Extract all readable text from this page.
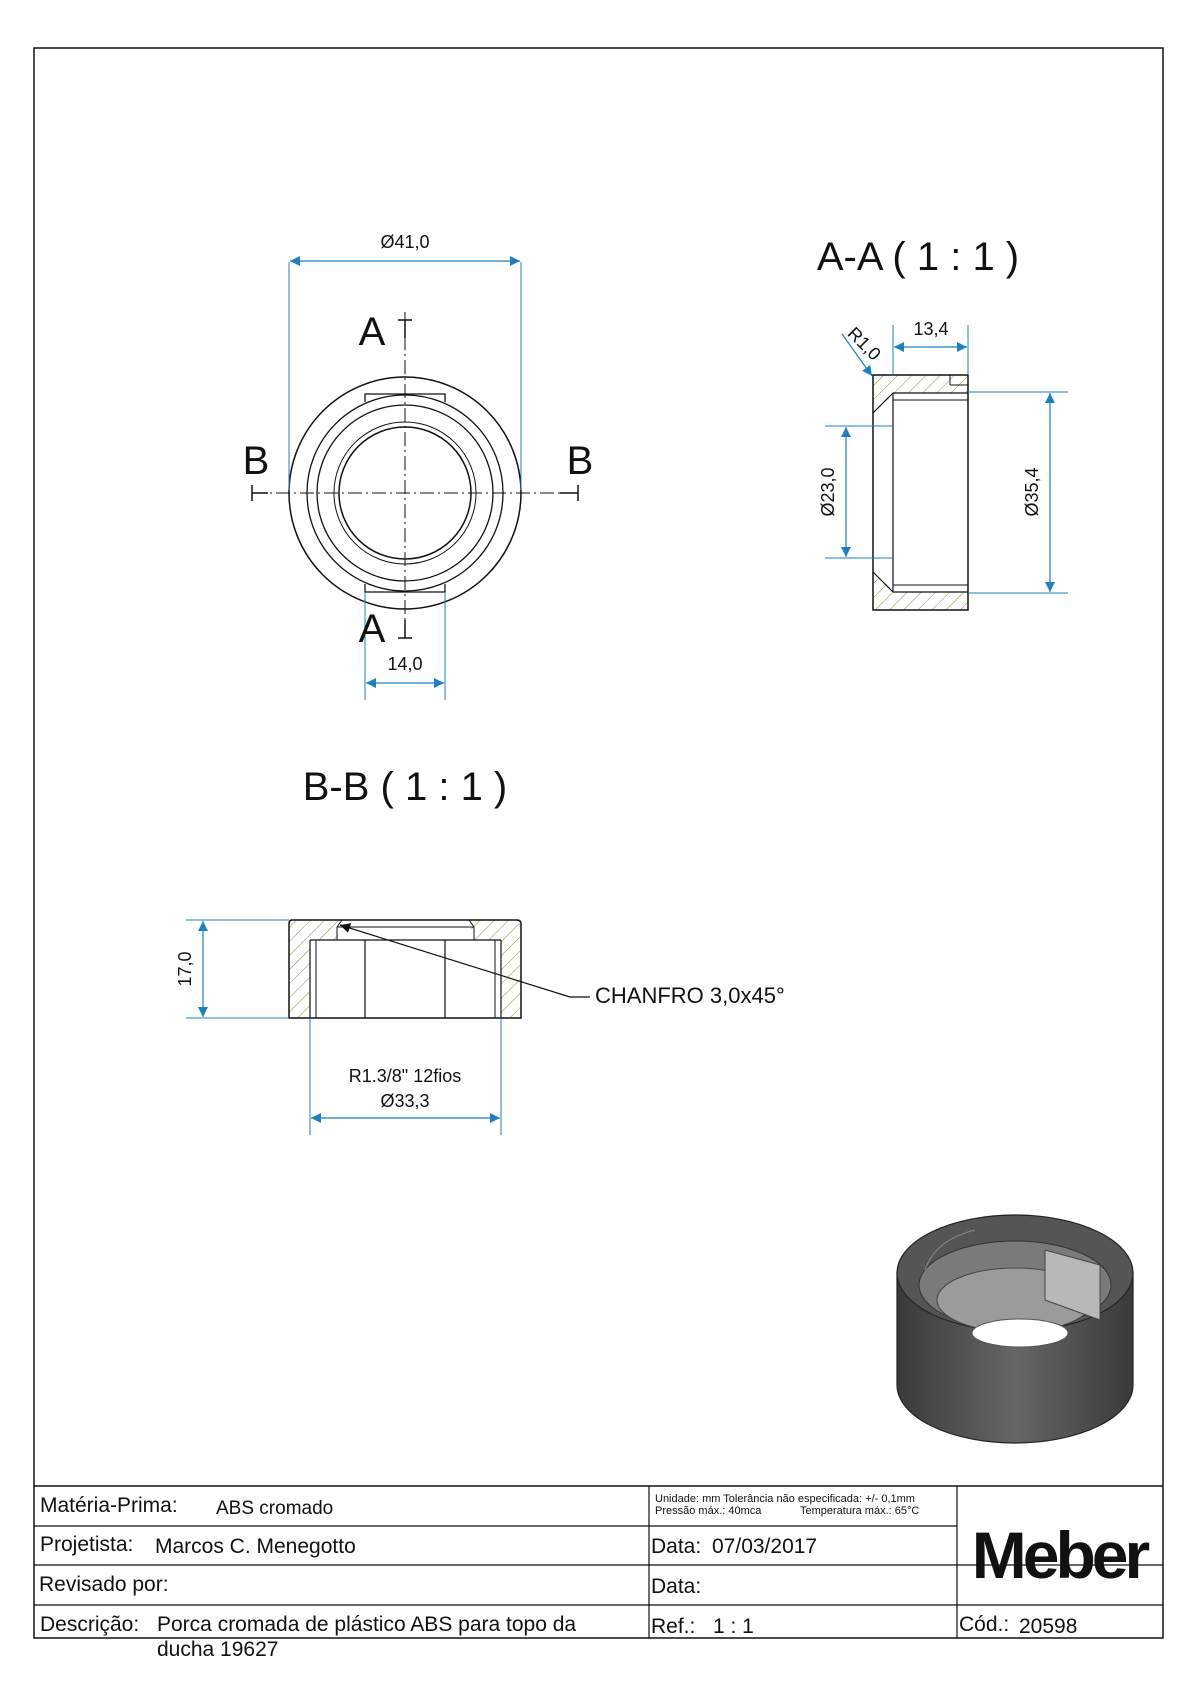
Ø41,0
14,0
A
A
B	B
A-A ( 1 : 1 )
13,4
R1,0
Ø23,0	Ø35,4
B-B ( 1 : 1 )
17,0
CHANFRO 3,0x45°
R1.3/8" 12fios
Ø33,3
Matéria-Prima: ABS cromado	Unidade: mm Tolerância não especificada: +/- 0,1mm
Pressão máx.: 40mca	Temperatura máx.: 65°C
Projetista: Marcos C. Menegotto	Data: 07/03/2017
Revisado por:	Data:
Descrição: Porca cromada de plástico ABS para topo da
ducha 19627
Ref.: 1 : 1	Cód.: 20598
Meber
